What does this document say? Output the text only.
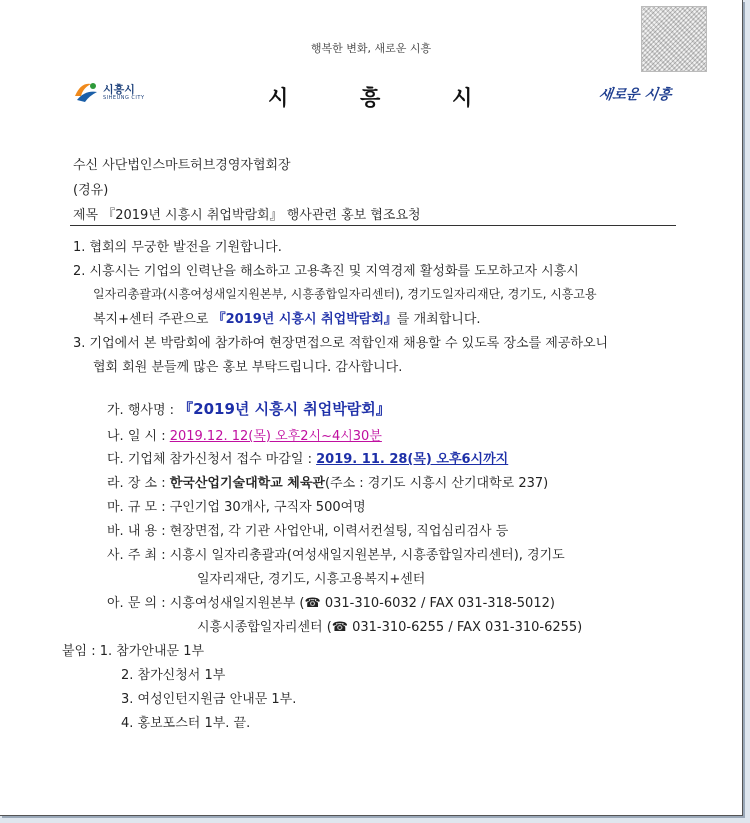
행복한 변화, 새로운 시흥
시흥시
SIHEUNG CITY	시	흥	시	새로운 시흥
수신 사단법인스마트허브경영자협회장
(경유)
제목 『2019년 시흥시 취업박람회』 행사관련 홍보 협조요청
1. 협회의 무궁한 발전을 기원합니다.
2. 시흥시는 기업의 인력난을 해소하고 고용촉진 및 지역경제 활성화를 도모하고자 시흥시
일자리총괄과(시흥여성새일지원본부, 시흥종합일자리센터), 경기도일자리재단, 경기도, 시흥고용
복지+센터 주관으로 『2019년 시흥시 취업박람회』를 개최합니다.
3. 기업에서 본 박람회에 참가하여 현장면접으로 적합인재 채용할 수 있도록 장소를 제공하오니
협회 회원 분들께 많은 홍보 부탁드립니다. 감사합니다.
가. 행사명 : 『2019년 시흥시 취업박람회』
나. 일 시 : 2019.12. 12(목) 오후2시~4시30분
다. 기업체 참가신청서 접수 마감일 : 2019. 11. 28(목) 오후6시까지
라. 장 소 : 한국산업기술대학교 체육관(주소 : 경기도 시흥시 산기대학로 237)
마. 규 모 : 구인기업 30개사, 구직자 500여명
바. 내 용 : 현장면접, 각 기관 사업안내, 이력서컨설팅, 직업심리검사 등
사. 주 최 : 시흥시 일자리총괄과(여성새일지원본부, 시흥종합일자리센터), 경기도
일자리재단, 경기도, 시흥고용복지+센터
아. 문 의 : 시흥여성새일지원본부 (☎ 031-310-6032 / FAX 031-318-5012)
시흥시종합일자리센터 (☎ 031-310-6255 / FAX 031-310-6255)
붙임 : 1. 참가안내문 1부
2. 참가신청서 1부
3. 여성인턴지원금 안내문 1부.
4. 홍보포스터 1부. 끝.
